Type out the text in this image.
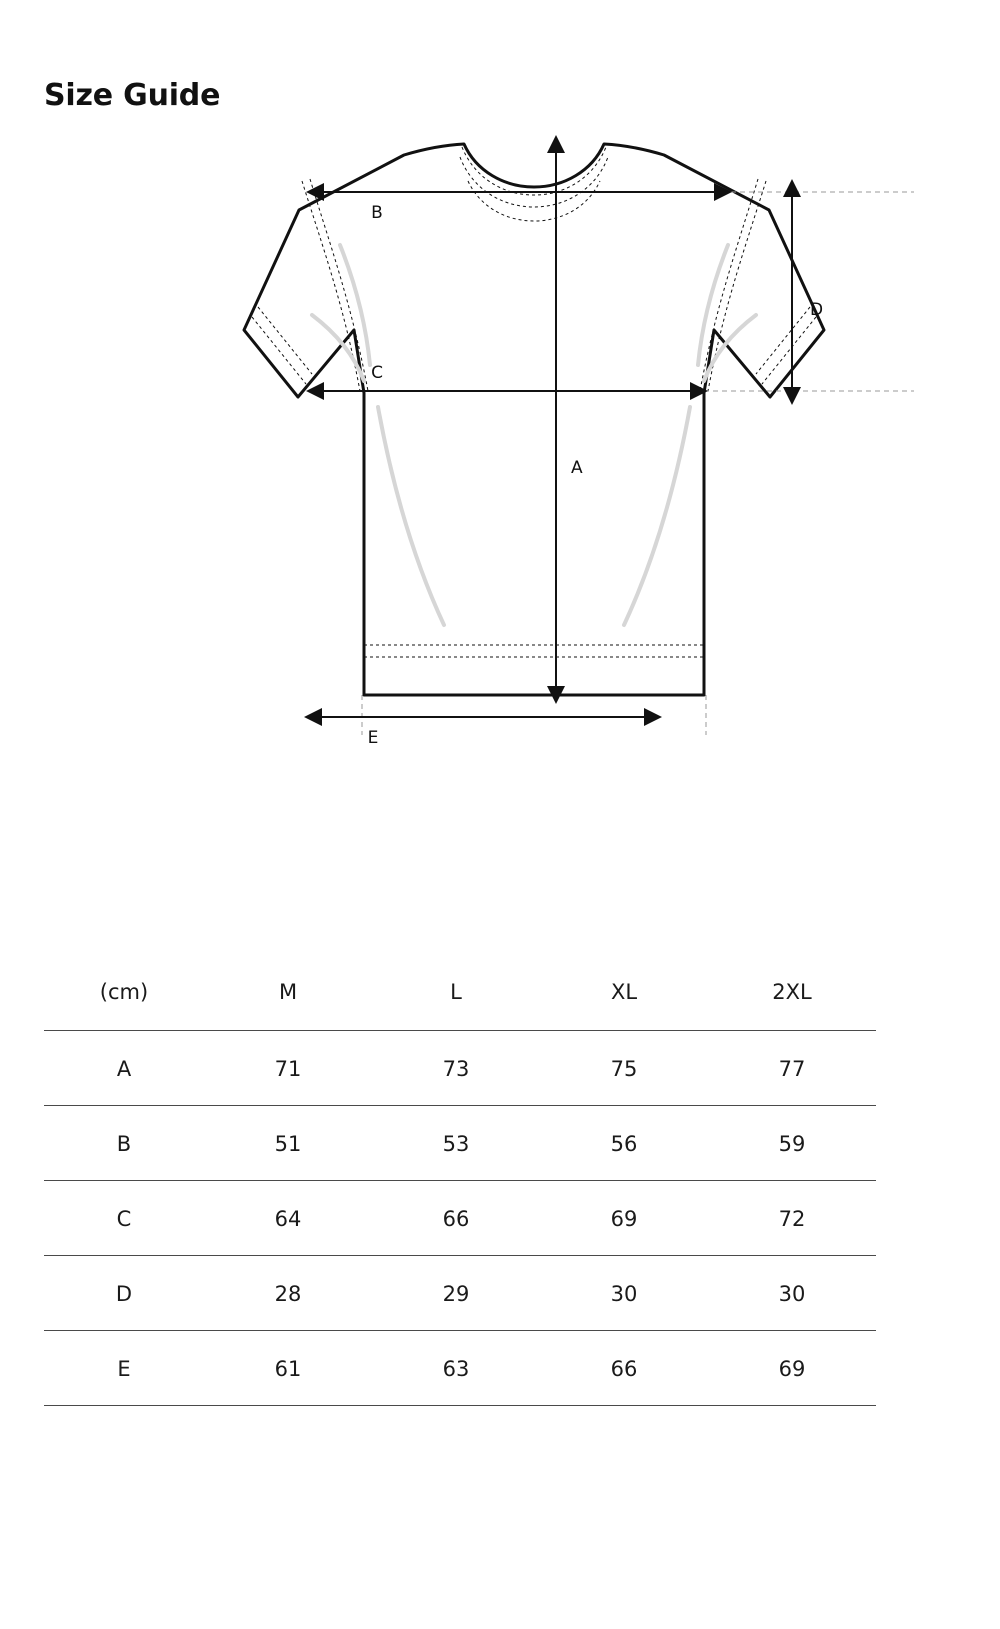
Size Guide
B
A
C
D
E
(cm)	M	L	XL	2XL
A	71	73	75	77
B	51	53	56	59
C	64	66	69	72
D	28	29	30	30
E	61	63	66	69
